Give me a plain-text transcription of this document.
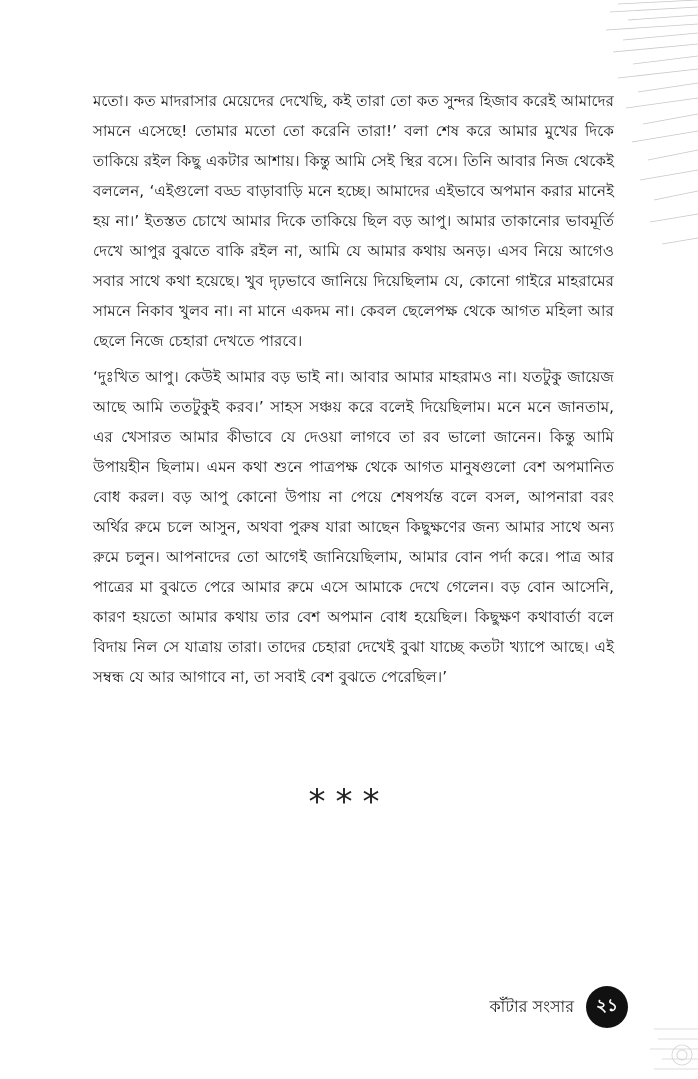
মতো। কত মাদরাসার মেয়েদের দেখেছি, কই তারা তো কত সুন্দর হিজাব করেই আমাদের সামনে এসেছে! তোমার মতো তো করেনি তারা!’ বলা শেষ করে আমার মুখের দিকে তাকিয়ে রইল কিছু একটার আশায়। কিন্তু আমি সেই স্থির বসে। তিনি আবার নিজ থেকেই বললেন, ‘এইগুলো বড্ড বাড়াবাড়ি মনে হচ্ছে। আমাদের এইভাবে অপমান করার মানেই হয় না।’ ইতস্তত চোখে আমার দিকে তাকিয়ে ছিল বড় আপু। আমার তাকানোর ভাবমূর্তি দেখে আপুর বুঝতে বাকি রইল না, আমি যে আমার কথায় অনড়। এসব নিয়ে আগেও সবার সাথে কথা হয়েছে। খুব দৃঢ়ভাবে জানিয়ে দিয়েছিলাম যে, কোনো গাইরে মাহরামের সামনে নিকাব খুলব না। না মানে একদম না। কেবল ছেলেপক্ষ থেকে আগত মহিলা আর ছেলে নিজে চেহারা দেখতে পারবে।

‘দুঃখিত আপু। কেউই আমার বড় ভাই না। আবার আমার মাহরামও না। যতটুকু জায়েজ আছে আমি ততটুকুই করব।’ সাহস সঞ্চয় করে বলেই দিয়েছিলাম। মনে মনে জানতাম, এর খেসারত আমার কীভাবে যে দেওয়া লাগবে তা রব ভালো জানেন। কিন্তু আমি উপায়হীন ছিলাম। এমন কথা শুনে পাত্রপক্ষ থেকে আগত মানুষগুলো বেশ অপমানিত বোধ করল। বড় আপু কোনো উপায় না পেয়ে শেষপর্যন্ত বলে বসল, আপনারা বরং অর্থির রুমে চলে আসুন, অথবা পুরুষ যারা আছেন কিছুক্ষণের জন্য আমার সাথে অন্য রুমে চলুন। আপনাদের তো আগেই জানিয়েছিলাম, আমার বোন পর্দা করে। পাত্র আর পাত্রের মা বুঝতে পেরে আমার রুমে এসে আমাকে দেখে গেলেন। বড় বোন আসেনি, কারণ হয়তো আমার কথায় তার বেশ অপমান বোধ হয়েছিল। কিছুক্ষণ কথাবার্তা বলে বিদায় নিল সে যাত্রায় তারা। তাদের চেহারা দেখেই বুঝা যাচ্ছে কতটা খ্যাপে আছে। এই সম্বন্ধ যে আর আগাবে না, তা সবাই বেশ বুঝতে পেরেছিল।’

***
কাঁটার সংসার	২১
